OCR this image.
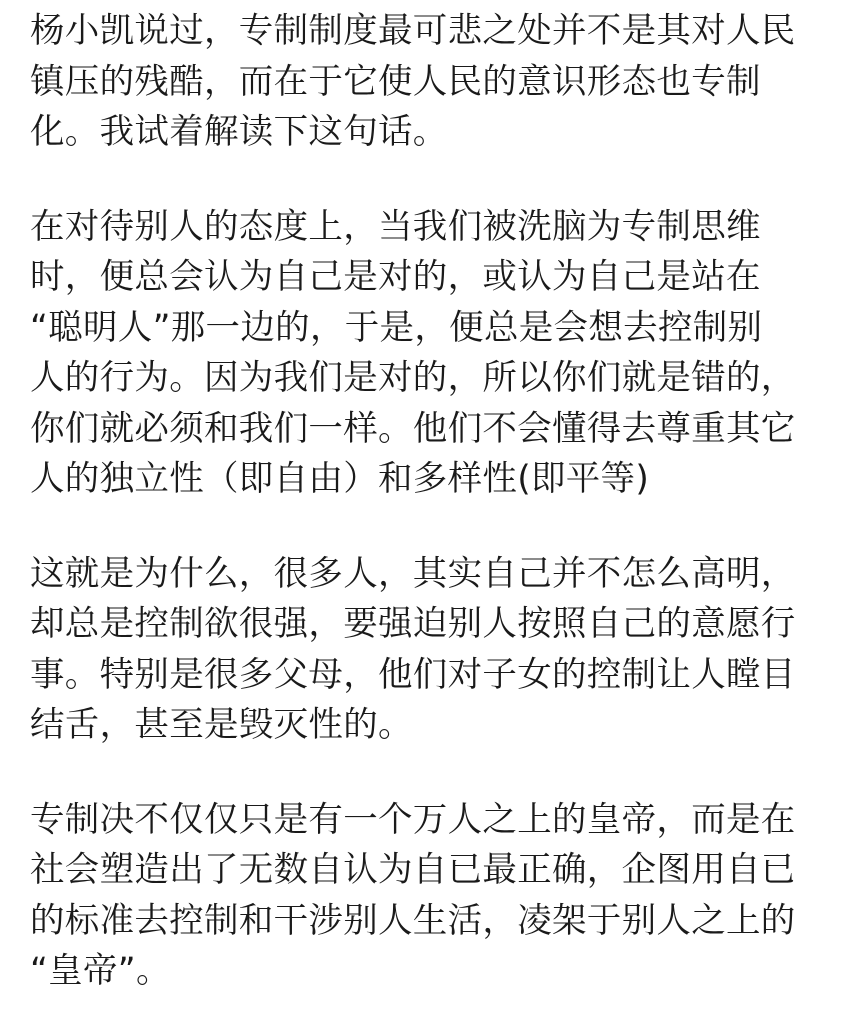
杨小凯说过，专制制度最可悲之处并不是其对人民
镇压的残酷，而在于它使人民的意识形态也专制
化。我试着解读下这句话。

在对待别人的态度上，当我们被洗脑为专制思维
时，便总会认为自己是对的，或认为自己是站在
“聪明人”那一边的，于是，便总是会想去控制别
人的行为。因为我们是对的，所以你们就是错的，
你们就必须和我们一样。他们不会懂得去尊重其它
人的独立性（即自由）和多样性(即平等)

这就是为什么，很多人，其实自己并不怎么高明，
却总是控制欲很强，要强迫别人按照自己的意愿行
事。特别是很多父母，他们对子女的控制让人瞠目
结舌，甚至是毁灭性的。

专制决不仅仅只是有一个万人之上的皇帝，而是在
社会塑造出了无数自认为自已最正确，企图用自已
的标准去控制和干涉别人生活，凌架于别人之上的
“皇帝”。
